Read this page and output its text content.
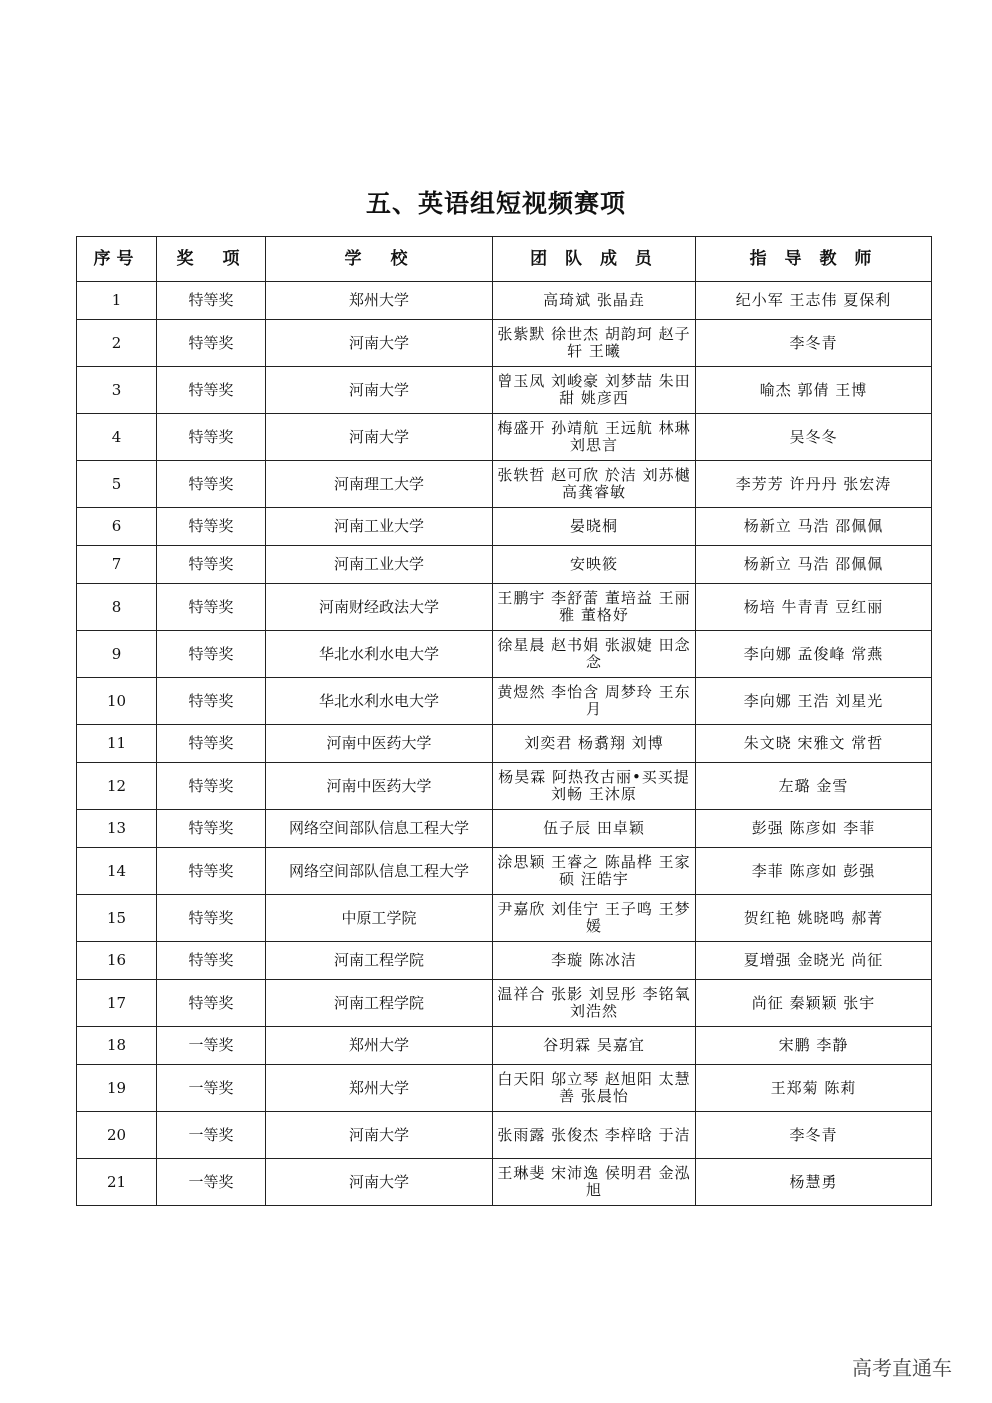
五、英语组短视频赛项
序号	奖　项	学　校	团 队 成 员	指 导 教 师
1	特等奖	郑州大学	高琦斌 张晶垚	纪小军 王志伟 夏保利
2	特等奖	河南大学	张紫默 徐世杰 胡韵珂 赵子轩 王曦	李冬青
3	特等奖	河南大学	曾玉凤 刘峻豪 刘梦喆 朱田甜 姚彦西	喻杰 郭倩 王博
4	特等奖	河南大学	梅盛开 孙靖航 王远航 林琳 刘思言	吴冬冬
5	特等奖	河南理工大学	张轶哲 赵可欣 於洁 刘苏樾 高龚睿敏	李芳芳 许丹丹 张宏涛
6	特等奖	河南工业大学	晏晓桐	杨新立 马浩 邵佩佩
7	特等奖	河南工业大学	安映筱	杨新立 马浩 邵佩佩
8	特等奖	河南财经政法大学	王鹏宇 李舒蕾 董培益 王丽雅 董格妤	杨培 牛青青 豆红丽
9	特等奖	华北水利水电大学	徐星晨 赵书娟 张淑婕 田念念	李向娜 孟俊峰 常燕
10	特等奖	华北水利水电大学	黄煜然 李怡含 周梦玲 王东月	李向娜 王浩 刘星光
11	特等奖	河南中医药大学	刘奕君 杨翥翔 刘博	朱文晓 宋雅文 常哲
12	特等奖	河南中医药大学	杨昊霖 阿热孜古丽•买买提 刘畅 王沐原	左璐 金雪
13	特等奖	网络空间部队信息工程大学	伍子辰 田卓颖	彭强 陈彦如 李菲
14	特等奖	网络空间部队信息工程大学	涂思颖 王睿之 陈晶桦 王家硕 汪皓宇	李菲 陈彦如 彭强
15	特等奖	中原工学院	尹嘉欣 刘佳宁 王子鸣 王梦媛	贺红艳 姚晓鸣 郝菁
16	特等奖	河南工程学院	李璇 陈冰洁	夏增强 金晓光 尚征
17	特等奖	河南工程学院	温祥合 张影 刘昱彤 李铭氧 刘浩然	尚征 秦颖颖 张宇
18	一等奖	郑州大学	谷玥霖 吴嘉宜	宋鹏 李静
19	一等奖	郑州大学	白天阳 邬立琴 赵旭阳 太慧善 张晨怡	王郑菊 陈莉
20	一等奖	河南大学	张雨露 张俊杰 李梓晗 于洁	李冬青
21	一等奖	河南大学	王琳斐 宋沛逸 侯明君 金泓旭	杨慧勇
高考直通车
